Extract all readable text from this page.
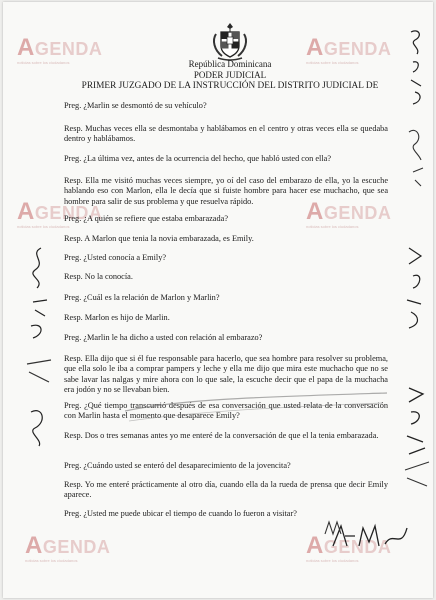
AGENDA
noticias sobre los ciudadanos
AGENDA
noticias sobre los ciudadanos
AGENDA
noticias sobre los ciudadanos
AGENDA
noticias sobre los ciudadanos
AGENDA
noticias sobre los ciudadanos
AGENDA
noticias sobre los ciudadanos
República Dominicana
PODER JUDICIAL
PRIMER JUZGADO DE LA INSTRUCCIÓN DEL DISTRITO JUDICIAL DE
Preg. ¿Marlin se desmontó de su vehículo?
Resp. Muchas veces ella se desmontaba y hablábamos en el centro y otras veces ella se quedaba dentro y hablábamos.
Preg. ¿La última vez, antes de la ocurrencia del hecho, que habló usted con ella?
Resp. Ella me visitó muchas veces siempre, yo oí del caso del embarazo de ella, yo la escuche hablando eso con Marlon, ella le decía que si fuiste hombre para hacer ese muchacho, que sea hombre para salir de sus problema y que resuelva rápido.
Preg. ¿A quién se refiere que estaba embarazada?
Resp. A Marlon que tenia la novia embarazada, es Emily.
Preg. ¿Usted conocía a Emily?
Resp. No la conocía.
Preg. ¿Cuál es la relación de Marlon y Marlin?
Resp. Marlon es hijo de Marlin.
Preg. ¿Marlin le ha dicho a usted con relación al embarazo?
Resp. Ella dijo que si él fue responsable para hacerlo, que sea hombre para resolver su problema, que ella solo le iba a comprar pampers y leche y ella me dijo que mira este muchacho que no se sabe lavar las nalgas y mire ahora con lo que sale, la escuche decir que el papa de la muchacha era jodón y no se llevaban bien.
Preg. ¿Qué tiempo transcurrió después de esa conversación que usted relata de la conversación con Marlin hasta el momento que desaparece Emily?
Resp. Dos o tres semanas antes yo me enteré de la conversación de que el la tenia embarazada.
Preg. ¿Cuándo usted se enteró del desaparecimiento de la jovencita?
Resp. Yo me enteré prácticamente al otro día, cuando ella da la rueda de prensa que decir Emily aparece.
Preg. ¿Usted me puede ubicar el tiempo de cuando lo fueron a visitar?
